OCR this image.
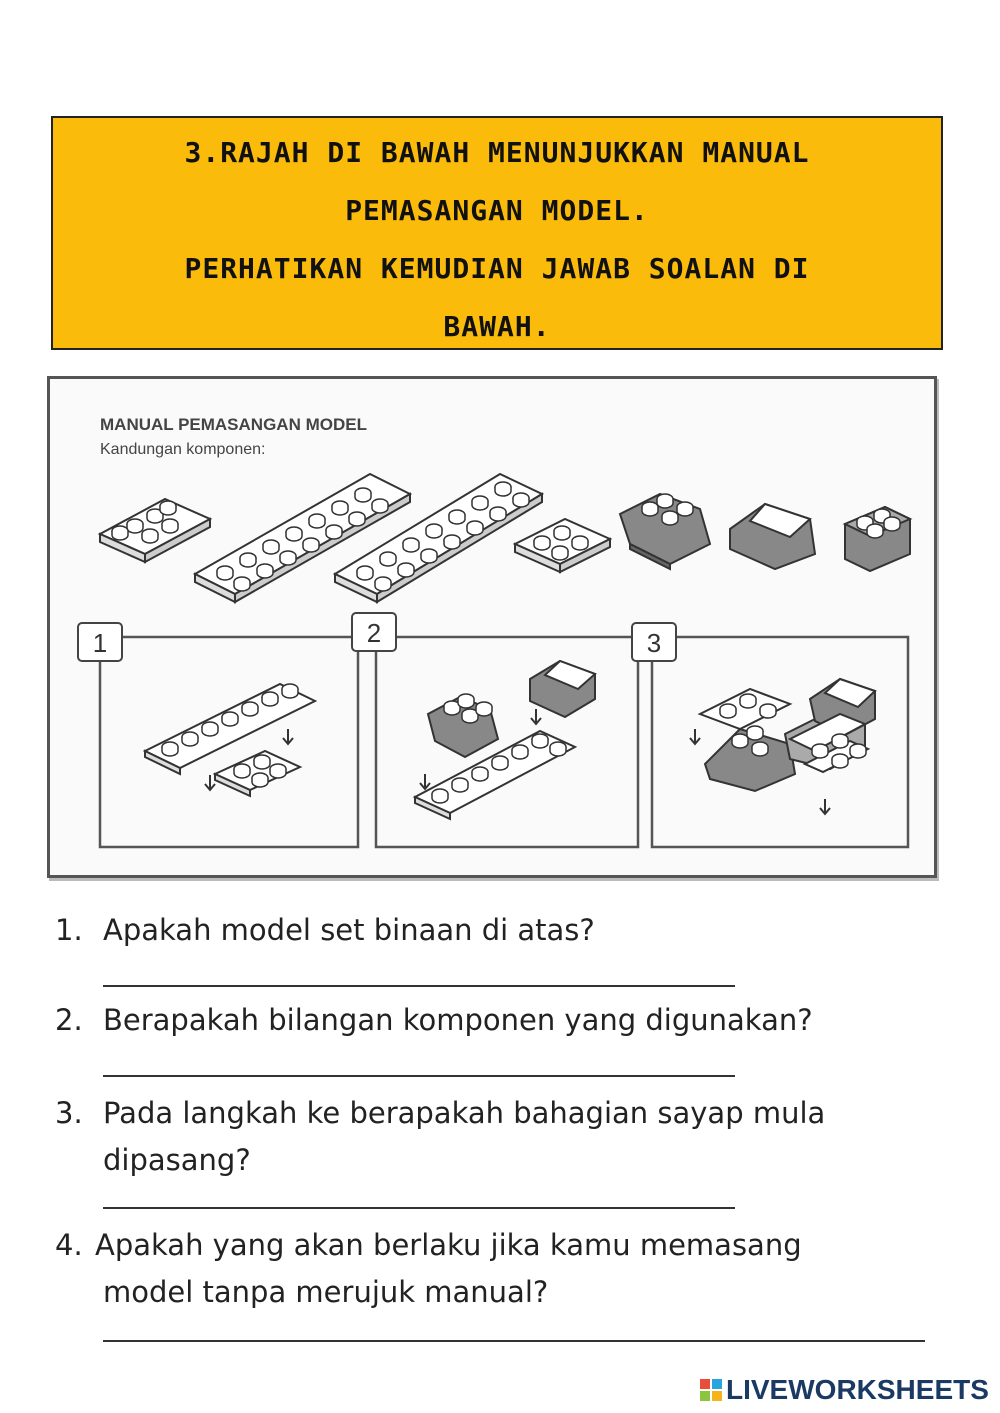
3.RAJAH DI BAWAH MENUNJUKKAN MANUAL

PEMASANGAN MODEL.

PERHATIKAN KEMUDIAN JAWAB SOALAN DI

BAWAH.

1	2	3
MANUAL PEMASANGAN MODEL
Kandungan komponen:
1. Apakah model set binaan di atas?
2. Berapakah bilangan komponen yang digunakan?
3. Pada langkah ke berapakah bahagian sayap mula
dipasang?
4. Apakah yang akan berlaku jika kamu memasang
model tanpa merujuk manual?
LIVEWORKSHEETS
